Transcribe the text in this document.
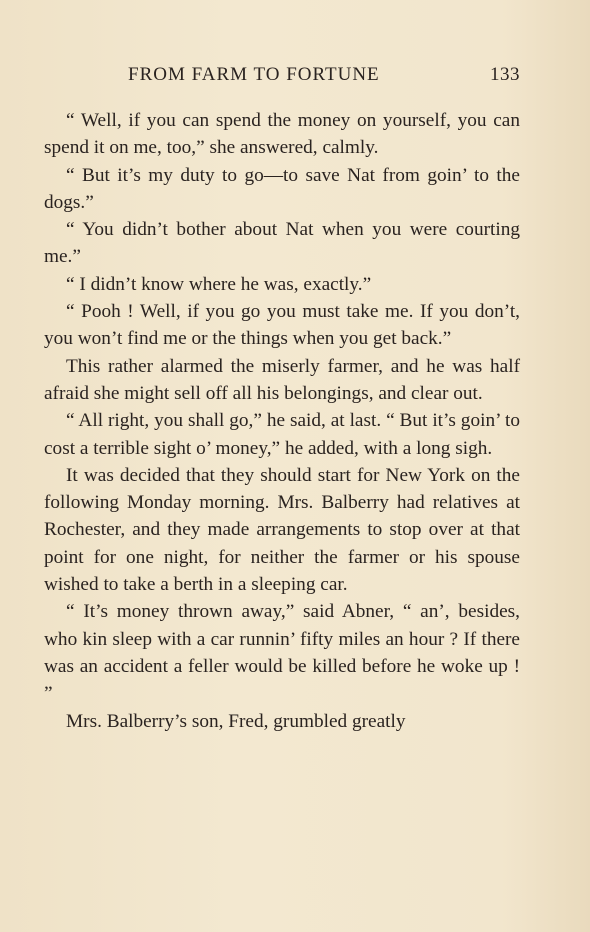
FROM FARM TO FORTUNE	133

“ Well, if you can spend the money on yourself, you can spend it on me, too,” she answered, calmly.

“ But it’s my duty to go—to save Nat from goin’ to the dogs.”

“ You didn’t bother about Nat when you were courting me.”

“ I didn’t know where he was, exactly.”

“ Pooh ! Well, if you go you must take me. If you don’t, you won’t find me or the things when you get back.”

This rather alarmed the miserly farmer, and he was half afraid she might sell off all his belongings, and clear out.

“ All right, you shall go,” he said, at last. “ But it’s goin’ to cost a terrible sight o’ money,” he added, with a long sigh.

It was decided that they should start for New York on the following Monday morning. Mrs. Balberry had relatives at Rochester, and they made arrangements to stop over at that point for one night, for neither the farmer or his spouse wished to take a berth in a sleeping car.

“ It’s money thrown away,” said Abner, “ an’, besides, who kin sleep with a car runnin’ fifty miles an hour ? If there was an accident a feller would be killed before he woke up ! ”

Mrs. Balberry’s son, Fred, grumbled greatly
